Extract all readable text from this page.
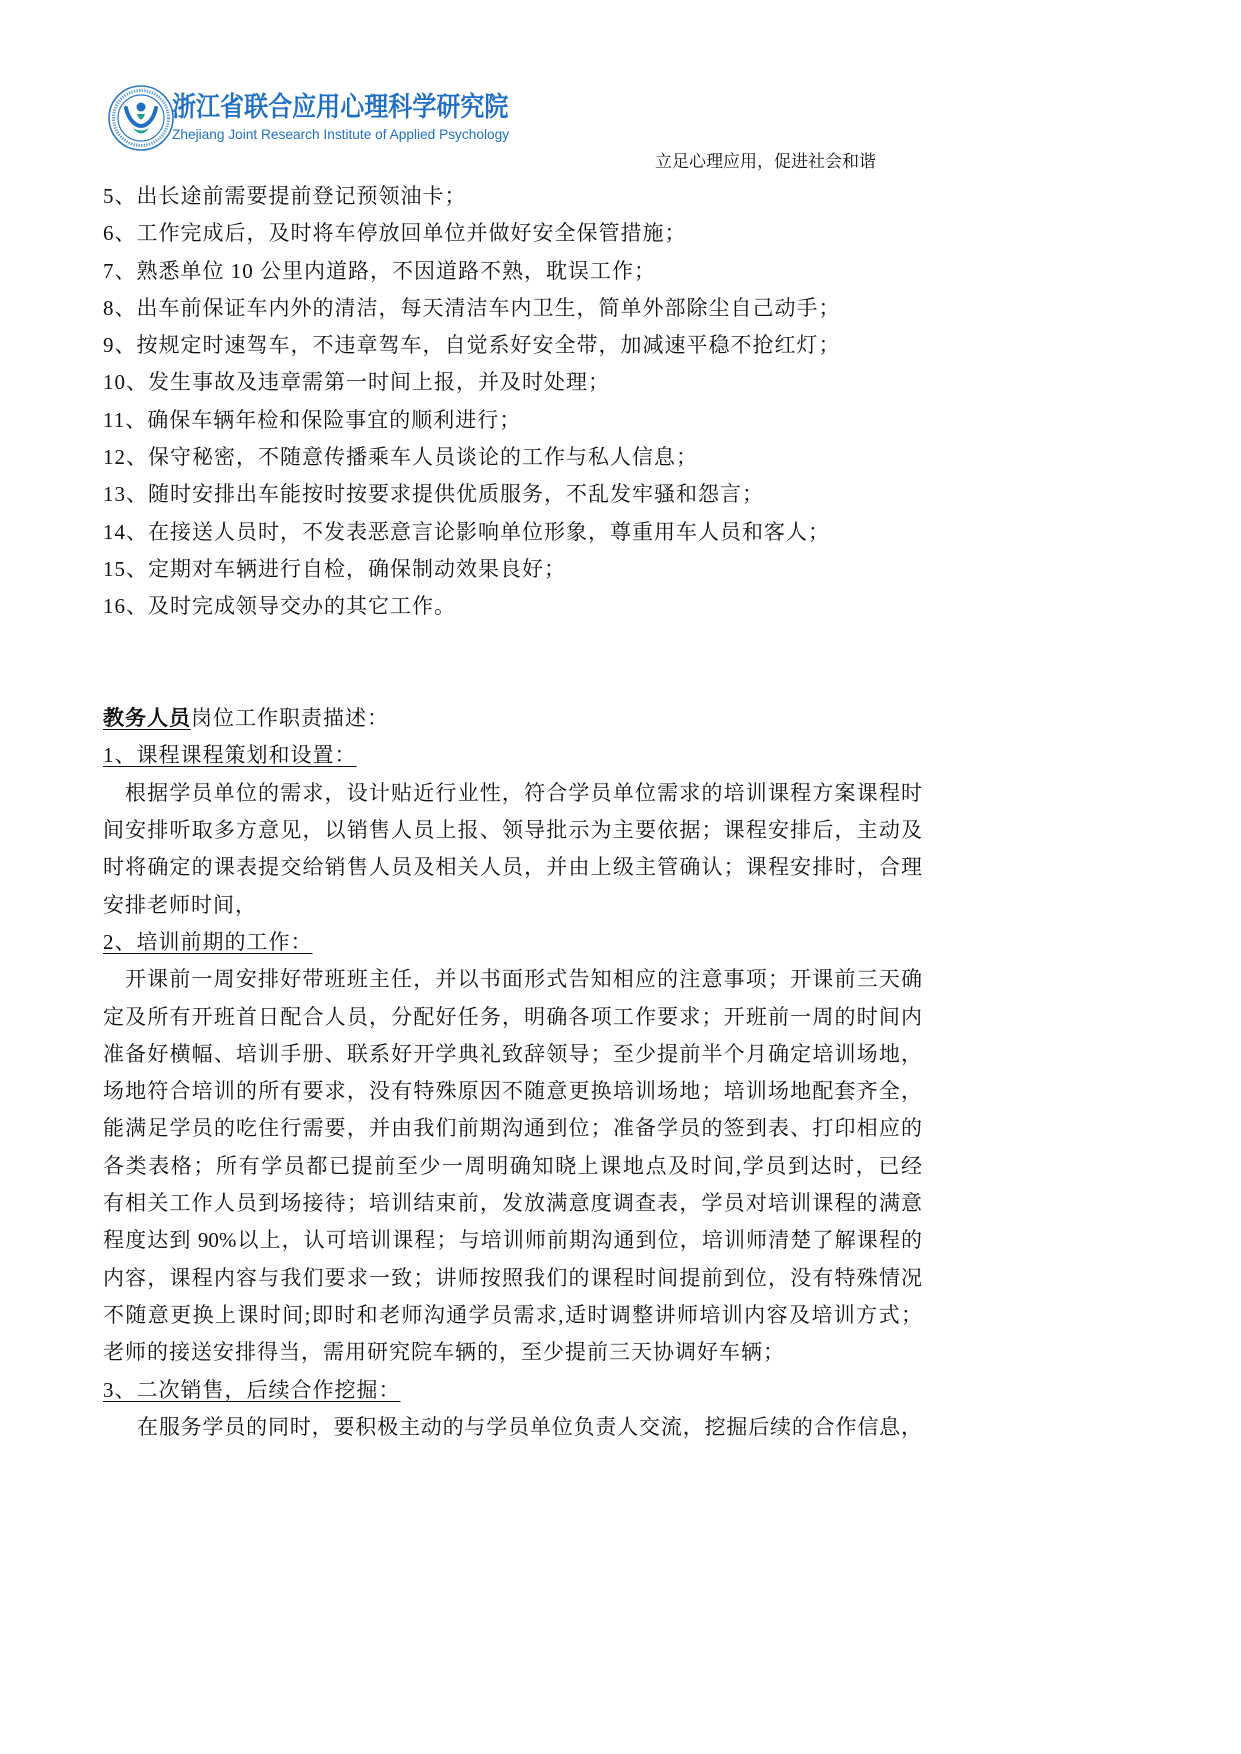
浙江省联合应用心理科学研究院
Zhejiang Joint Research Institute of Applied Psychology
立足心理应用，促进社会和谐
5、出长途前需要提前登记预领油卡；
6、工作完成后，及时将车停放回单位并做好安全保管措施；
7、熟悉单位 10 公里内道路，不因道路不熟，耽误工作；
8、出车前保证车内外的清洁，每天清洁车内卫生，简单外部除尘自己动手；
9、按规定时速驾车，不违章驾车，自觉系好安全带，加减速平稳不抢红灯；
10、发生事故及违章需第一时间上报，并及时处理；
11、确保车辆年检和保险事宜的顺利进行；
12、保守秘密，不随意传播乘车人员谈论的工作与私人信息；
13、随时安排出车能按时按要求提供优质服务，不乱发牢骚和怨言；
14、在接送人员时，不发表恶意言论影响单位形象，尊重用车人员和客人；
15、定期对车辆进行自检，确保制动效果良好；
16、及时完成领导交办的其它工作。
教务人员岗位工作职责描述：
1、课程课程策划和设置：
根据学员单位的需求，设计贴近行业性，符合学员单位需求的培训课程方案课程时
间安排听取多方意见，以销售人员上报、领导批示为主要依据；课程安排后，主动及
时将确定的课表提交给销售人员及相关人员，并由上级主管确认；课程安排时，合理
安排老师时间，
2、培训前期的工作：
开课前一周安排好带班班主任，并以书面形式告知相应的注意事项；开课前三天确
定及所有开班首日配合人员，分配好任务，明确各项工作要求；开班前一周的时间内
准备好横幅、培训手册、联系好开学典礼致辞领导；至少提前半个月确定培训场地，
场地符合培训的所有要求，没有特殊原因不随意更换培训场地；培训场地配套齐全，
能满足学员的吃住行需要，并由我们前期沟通到位；准备学员的签到表、打印相应的
各类表格；所有学员都已提前至少一周明确知晓上课地点及时间,学员到达时，已经
有相关工作人员到场接待；培训结束前，发放满意度调查表，学员对培训课程的满意
程度达到 90%以上，认可培训课程；与培训师前期沟通到位，培训师清楚了解课程的
内容，课程内容与我们要求一致；讲师按照我们的课程时间提前到位，没有特殊情况
不随意更换上课时间;即时和老师沟通学员需求,适时调整讲师培训内容及培训方式；
老师的接送安排得当，需用研究院车辆的，至少提前三天协调好车辆；
3、二次销售，后续合作挖掘：
在服务学员的同时，要积极主动的与学员单位负责人交流，挖掘后续的合作信息，
